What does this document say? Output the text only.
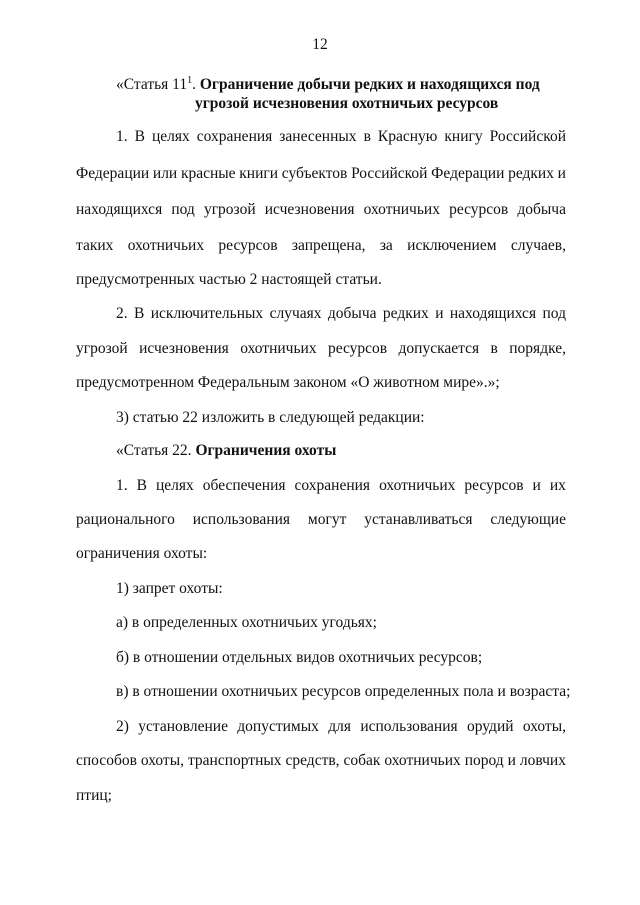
12
«Статья $11^1$. Ограничение добычи редких и находящихся под
угрозой исчезновения охотничьих ресурсов
1. В целях сохранения занесенных в Красную книгу Российской
Федерации или красные книги субъектов Российской Федерации редких и
находящихся под угрозой исчезновения охотничьих ресурсов добыча
таких охотничьих ресурсов запрещена, за исключением случаев,
предусмотренных частью 2 настоящей статьи.
2. В исключительных случаях добыча редких и находящихся под
угрозой исчезновения охотничьих ресурсов допускается в порядке,
предусмотренном Федеральным законом «О животном мире».»;
3) статью 22 изложить в следующей редакции:
«Статья 22. Ограничения охоты
1. В целях обеспечения сохранения охотничьих ресурсов и их
рационального использования могут устанавливаться следующие
ограничения охоты:
1) запрет охоты:
а) в определенных охотничьих угодьях;
б) в отношении отдельных видов охотничьих ресурсов;
в) в отношении охотничьих ресурсов определенных пола и возраста;
2) установление допустимых для использования орудий охоты,
способов охоты, транспортных средств, собак охотничьих пород и ловчих
птиц;
